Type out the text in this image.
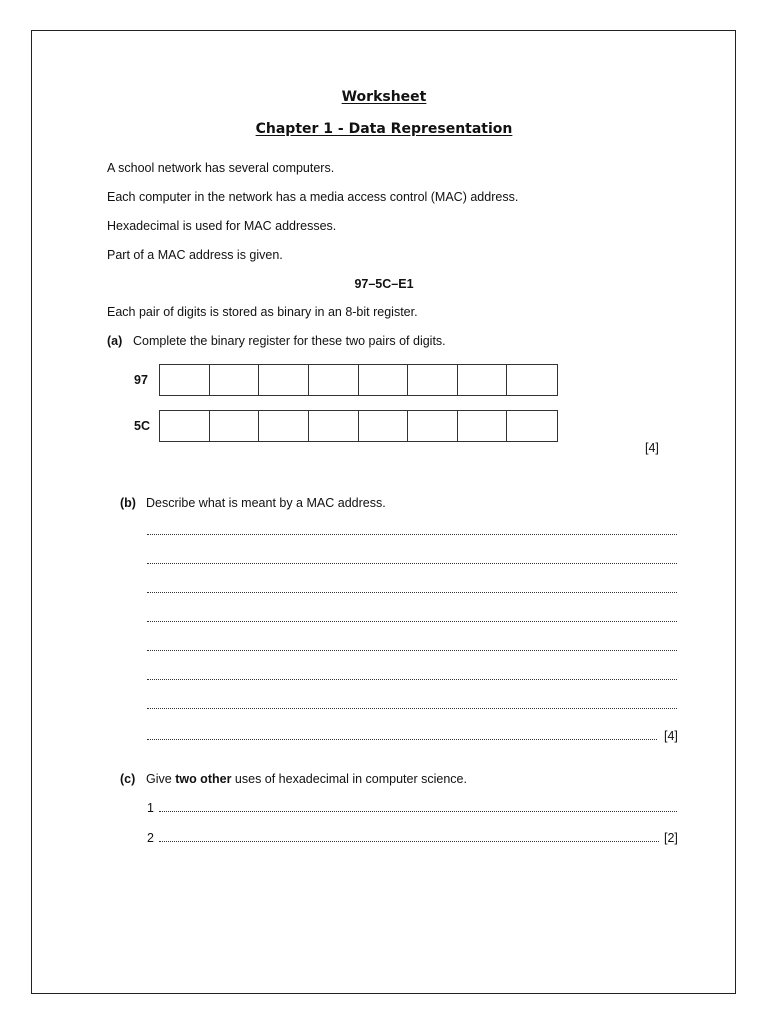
Worksheet
Chapter 1 - Data Representation
A school network has several computers.
Each computer in the network has a media access control (MAC) address.
Hexadecimal is used for MAC addresses.
Part of a MAC address is given.
97–5C–E1
Each pair of digits is stored as binary in an 8-bit register.
(a) Complete the binary register for these two pairs of digits.
97
5C
[4]
(b) Describe what is meant by a MAC address.
[4]
(c) Give two other uses of hexadecimal in computer science.
1
2	[2]
